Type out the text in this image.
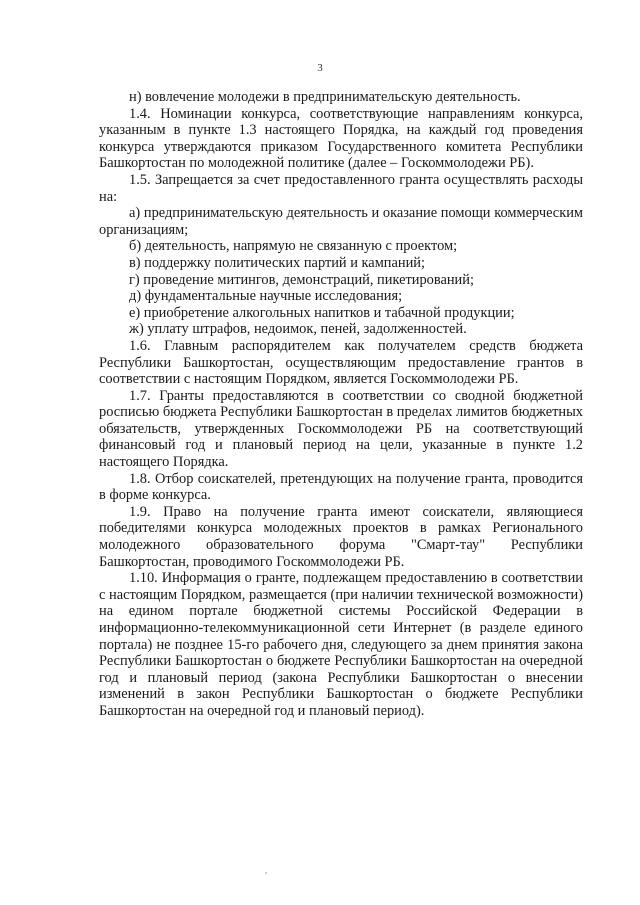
3

н) вовлечение молодежи в предпринимательскую деятельность.

1.4. Номинации конкурса, соответствующие направлениям конкурса, указанным в пункте 1.3 настоящего Порядка, на каждый год проведения конкурса утверждаются приказом Государственного комитета Республики Башкортостан по молодежной политике (далее – Госкоммолодежи РБ).

1.5. Запрещается за счет предоставленного гранта осуществлять расходы на:

а) предпринимательскую деятельность и оказание помощи коммерческим организациям;

б) деятельность, напрямую не связанную с проектом;

в) поддержку политических партий и кампаний;

г) проведение митингов, демонстраций, пикетирований;

д) фундаментальные научные исследования;

е) приобретение алкогольных напитков и табачной продукции;

ж) уплату штрафов, недоимок, пеней, задолженностей.

1.6. Главным распорядителем как получателем средств бюджета Республики Башкортостан, осуществляющим предоставление грантов в соответствии с настоящим Порядком, является Госкоммолодежи РБ.

1.7. Гранты предоставляются в соответствии со сводной бюджетной росписью бюджета Республики Башкортостан в пределах лимитов бюджетных обязательств, утвержденных Госкоммолодежи РБ на соответствующий финансовый год и плановый период на цели, указанные в пункте 1.2 настоящего Порядка.

1.8. Отбор соискателей, претендующих на получение гранта, проводится в форме конкурса.

1.9. Право на получение гранта имеют соискатели, являющиеся победителями конкурса молодежных проектов в рамках Регионального молодежного образовательного форума "Смарт-тау" Республики Башкортостан, проводимого Госкоммолодежи РБ.

1.10. Информация о гранте, подлежащем предоставлению в соответствии с настоящим Порядком, размещается (при наличии технической возможности) на едином портале бюджетной системы Российской Федерации в информационно-телекоммуникационной сети Интернет (в разделе единого портала) не позднее 15-го рабочего дня, следующего за днем принятия закона Республики Башкортостан о бюджете Республики Башкортостан на очередной год и плановый период (закона Республики Башкортостан о внесении изменений в закон Республики Башкортостан о бюджете Республики Башкортостан на очередной год и плановый период).
